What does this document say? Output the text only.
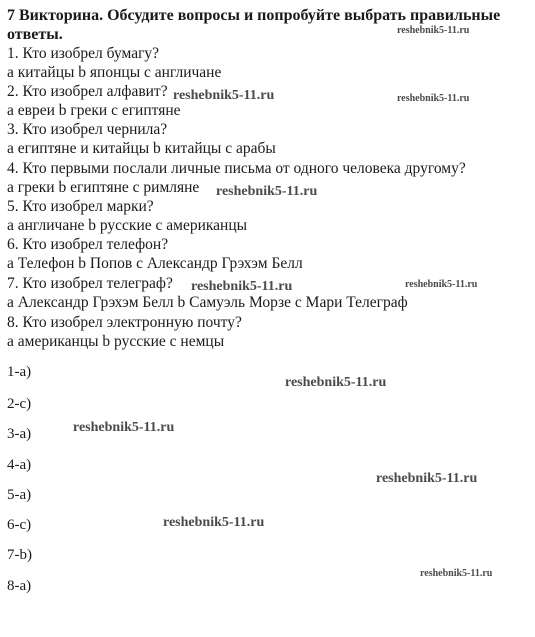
7 Викторина. Обсудите вопросы и попробуйте выбрать правильные ответы.
1. Кто изобрел бумагу?
a китайцы b японцы c англичане
2. Кто изобрел алфавит?
a евреи b греки c египтяне
3. Кто изобрел чернила?
a египтяне и китайцы b китайцы c арабы
4. Кто первыми послали личные письма от одного человека другому?
a греки b египтяне c римляне
5. Кто изобрел марки?
a англичане b русские c американцы
6. Кто изобрел телефон?
a Телефон b Попов c Александр Грэхэм Белл
7. Кто изобрел телеграф?
a Александр Грэхэм Белл b Самуэль Морзе c Мари Телеграф
8. Кто изобрел электронную почту?
a американцы b русские c немцы
1-a)
2-c)
3-a)
4-a)
5-a)
6-c)
7-b)
8-a)
reshebnik5-11.ru
reshebnik5-11.ru	reshebnik5-11.ru
reshebnik5-11.ru
reshebnik5-11.ru	reshebnik5-11.ru
reshebnik5-11.ru
reshebnik5-11.ru
reshebnik5-11.ru
reshebnik5-11.ru
reshebnik5-11.ru
